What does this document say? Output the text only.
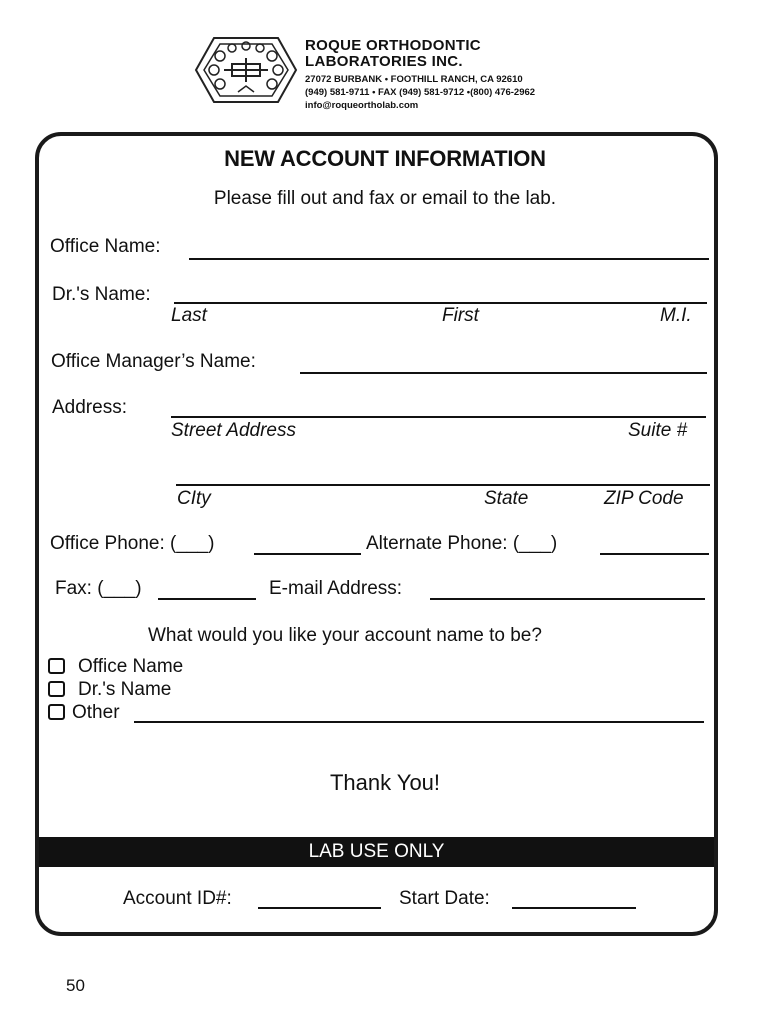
ROQUE ORTHODONTIC
LABORATORIES INC.
27072 BURBANK • FOOTHILL RANCH, CA 92610
(949) 581-9711 • FAX (949) 581-9712 •(800) 476-2962
info@roqueortholab.com
NEW ACCOUNT INFORMATION
Please fill out and fax or email to the lab.
Office Name:
Dr.'s Name:
Last	First	M.I.
Office Manager’s Name:
Address:
Street Address	Suite #
CIty	State	ZIP Code
Office Phone: (___)	Alternate Phone: (___)
Fax: (___)	E-mail Address:
What would you like your account name to be?
Office Name
Dr.'s Name
Other
Thank You!
LAB USE ONLY
Account ID#:	Start Date:
50
